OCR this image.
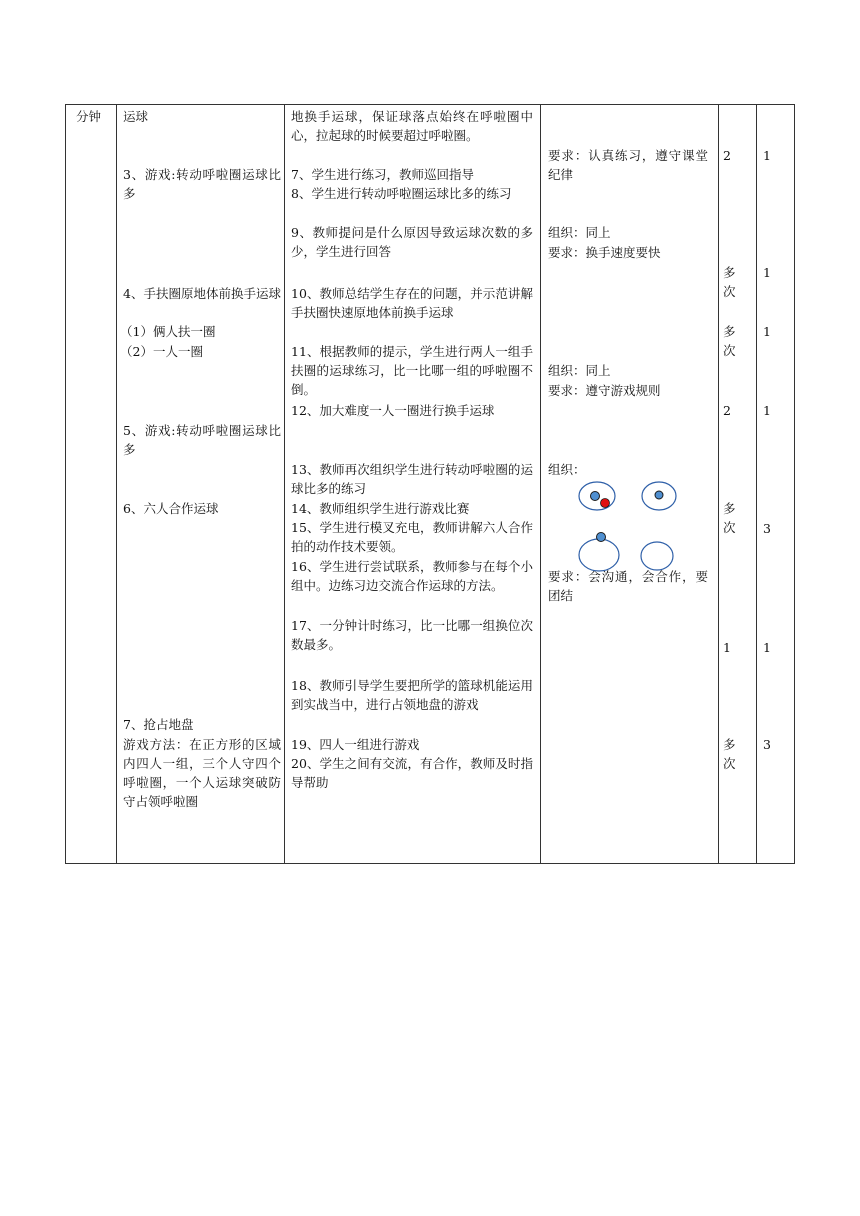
分钟 运球
3、游戏:转动呼啦圈运球比多
4、手扶圈原地体前换手运球
（1）俩人扶一圈
（2）一人一圈
5、游戏:转动呼啦圈运球比多
6、六人合作运球
7、抢占地盘
游戏方法：在正方形的区域内四人一组，三个人守四个呼啦圈，一个人运球突破防守占领呼啦圈
地换手运球，保证球落点始终在呼啦圈中心，拉起球的时候要超过呼啦圈。
7、学生进行练习，教师巡回指导
8、学生进行转动呼啦圈运球比多的练习
9、教师提问是什么原因导致运球次数的多少，学生进行回答
10、教师总结学生存在的问题，并示范讲解手扶圈快速原地体前换手运球
11、根据教师的提示，学生进行两人一组手扶圈的运球练习，比一比哪一组的呼啦圈不倒。
12、加大难度一人一圈进行换手运球
13、教师再次组织学生进行转动呼啦圈的运球比多的练习
14、教师组织学生进行游戏比赛
15、学生进行模叉充电，教师讲解六人合作拍的动作技术要领。
16、学生进行尝试联系，教师参与在每个小组中。边练习边交流合作运球的方法。
17、一分钟计时练习，比一比哪一组换位次数最多。
18、教师引导学生要把所学的篮球机能运用到实战当中，进行占领地盘的游戏
19、四人一组进行游戏
20、学生之间有交流，有合作，教师及时指导帮助
要求：认真练习，遵守课堂纪律
组织：同上
要求：换手速度要快
组织：同上
要求：遵守游戏规则
组织：
要求：会沟通，会合作，要团结
2
多次
多次
2
多次
1
多次
1
1
1
1
3
1
3
